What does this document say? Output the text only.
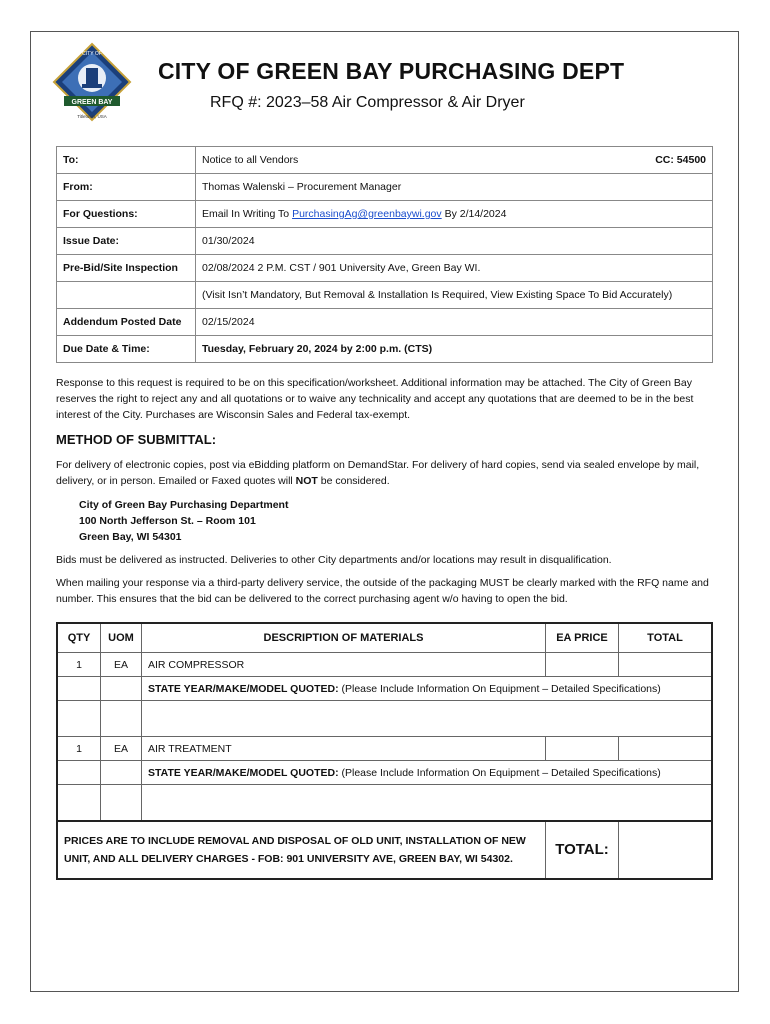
GREEN BAY
CITY OF
Titletown, USA
CITY OF GREEN BAY PURCHASING DEPT
RFQ #: 2023–58 Air Compressor & Air Dryer
To:	Notice to all Vendors CC: 54500

From:	Thomas Walenski – Procurement Manager
For Questions:	Email In Writing To PurchasingAg@greenbaywi.gov By 2/14/2024
Issue Date:	01/30/2024
Pre-Bid/Site Inspection	02/08/2024 2 P.M. CST / 901 University Ave, Green Bay WI.
	(Visit Isn’t Mandatory, But Removal & Installation Is Required, View Existing Space To Bid Accurately)
Addendum Posted Date	02/15/2024
Due Date & Time:	Tuesday, February 20, 2024 by 2:00 p.m. (CTS)
Response to this request is required to be on this specification/worksheet. Additional information may be attached. The City of Green Bay reserves the right to reject any and all quotations or to waive any technicality and accept any quotations that are deemed to be in the best interest of the City. Purchases are Wisconsin Sales and Federal tax-exempt.
METHOD OF SUBMITTAL:
For delivery of electronic copies, post via eBidding platform on DemandStar. For delivery of hard copies, send via sealed envelope by mail, delivery, or in person. Emailed or Faxed quotes will NOT be considered.
City of Green Bay Purchasing Department
100 North Jefferson St. – Room 101
Green Bay, WI 54301
Bids must be delivered as instructed. Deliveries to other City departments and/or locations may result in disqualification.
When mailing your response via a third-party delivery service, the outside of the packaging MUST be clearly marked with the RFQ name and number. This ensures that the bid can be delivered to the correct purchasing agent w/o having to open the bid.
QTY	UOM	DESCRIPTION OF MATERIALS	EA PRICE	TOTAL
1	EA	AIR COMPRESSOR		
		STATE YEAR/MAKE/MODEL QUOTED: (Please Include Information On Equipment – Detailed Specifications)		

1	EA	AIR TREATMENT		
		STATE YEAR/MAKE/MODEL QUOTED: (Please Include Information On Equipment – Detailed Specifications)		

PRICES ARE TO INCLUDE REMOVAL AND DISPOSAL OF OLD UNIT, INSTALLATION OF NEW UNIT, AND ALL DELIVERY CHARGES - FOB: 901 UNIVERSITY AVE, GREEN BAY, WI 54302.			TOTAL:	
